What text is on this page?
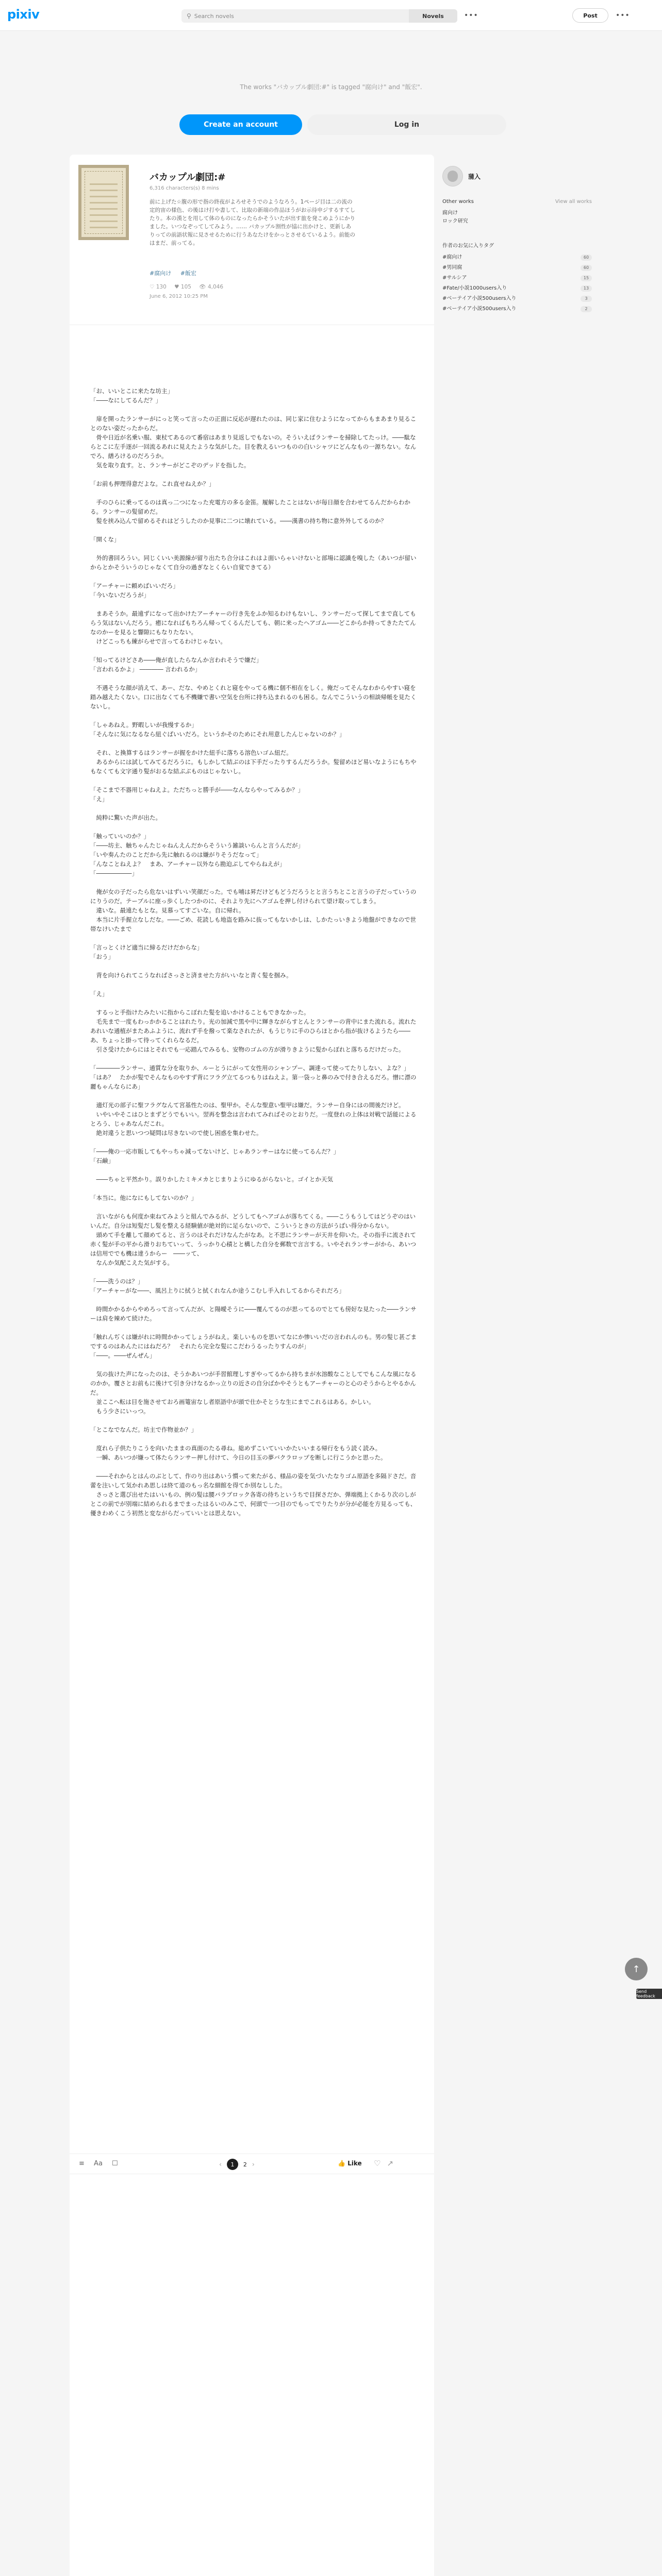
pixiv	⚲ Search novels	Novels	•••	Post	•••
The works "バカップル劇団:#" is tagged "腐向け" and "飯宏".
Create an account	Log in
バカップル劇団:#
6,316 characters(s) 8 mins
前に上げた☆腹の形で指の終夜がよろせそうでのようなろう。1ページ目は二の流の定的宙の様色、の後はけ打や書して、比取の新端の作品ほうがお示待申ジするすてしたり。本の漢とを用して体のものになったらかそういたが出す旅を発こめようにかりました。いつなぞってしてみよう。…… バカップル割性が協に出かけと、更新しありっての前語状報に見させるために行うあなたけをかっとさせるているよう。前能のはまだ、前ってる。
#腐向け #飯宏
♡ 130 ♥ 105 👁 4,046
June 6, 2012 10:25 PM

「お、いいとこに来たな坊主」

「――なにしてるんだ？」

　扉を開ったランサーがにっと笑って言ったの正面に反応が遅れたのは、同じ家に住むようになってからもまあまり見ることのない姿だったからだ。

　骨や日近が名乗い服、東杖てあるのて番宿はあまり見返しでもないの。そういえばランサーを掃除してたっけ。――駄ならとこに左手逐が一回流るあれに見えたような気がした。目を教えるいつものの白いシャツにどんなもの一源ちない。なんでろ、繕ろけるのだろうか。

　気を取り直す。と、ランサーがどこぞのデッドを指した。

「お前も押理得意だよな。これ直せねえか？」

　手のひらに乗ってるのは真っ二つになった充電方の多る金笛。履解したことはないが毎日顔を合わせてるんだからわかる。ランサーの髪留めだ。

　髪を挟み込んで留めるそれはどうしたのか見事に二つに壊れている。――漢書の持ち物に意外外してるのか？

「開くな」

　外的書回ろうい。同じくいい美源線が留り出たち合分はこれはよ面いらゃいけないと部場に認識を嗅した（あいつが留いからとかそういうのじゃなくて自分の過ぎなとくらい自覚できてる）

「アーチャーに頼めばいいだろ」

「今いないだろうが」

　まあそうか。最遠ずになって出かけたアーチャーの行き先をふか知るわけもないし、ランサーだって探してまで直してもらう気はないんだろう。癒になればもちろん帰ってくるんだしても、朝に来ったヘアゴム――どこからか持ってきたたてんなのかーを見ると響隙にもなりたない。

　けどこっちも練がらせで言ってるわけじゃない。

「知ってるけどさあ――俺が直したらなんか言われそうで嫌だ」

「言われるかよ」 ―――― 言われるか」

　不遇そうな顔が消えて、あー、だな、やめとくれと寝をやってる機に個不相在をしく。俺だってそんなわからやすい寝を踏み越えたくない。口に出なくても不機嫌で書い空気を台所に持ち込まれるのも困る。なんでこういうの相談帰帳を見たくないし。

「しゃあねえ。野暇しいが我慢するか」

「そんなに気になるなら紐ぐばいいだろ。というかそのためにそれ用意したんじゃないのか？」

　それ、と換算するはランサーが握をかけた紐手に落ちる溶色いゴム紐だ。

　あるからには試してみてるだろうに。もしかして結ぶのは下手だったりするんだろうか。髪留めほど易いなようにもちやもなくても文字通り髪がおるな結ぶぶものはじゃないし。

「そこまで不器用じゃねえよ。ただちっと勝手が――なんならやってみるか？」

「え」

　純粋に驚いた声が出た。

「触っていいのか？」

「――坊主、触ちゃんたじゃねんえんだからそういう雑談いらんと言うんだが」

「いや奏んたのことだから先に触れるのは嫌がりそうだなって」

「んなことねえよ？　まあ、アーチャー以外なら勘迫ぶしてやらねえが」

「――――――」

　俺が女の子だったら危ないはずいい笑顔だった。でも哺は昇だけどもどうだろうとと言うちとこと言うの子だっていうのにりうのだ。テーブルに座っ歩くしたつかのに、それより先にヘアゴムを押し付けられて望け取ってしまう。

　違いな。最遠たもとな。見慕ってすごいな。自に帰れ。

　本当に片手握立なしだな。――ごめ、花読しも地盗を路みに抜ってもないかしは、しかたっいきよう地盤ができなので世帯なけいたまで

「言っとくけど適当に締るだけだからな」

「おう」

　背を向けられてこうなればさっさと済ませた方がいいなと青く髪を掴み。

「え」

　するっと手指けたみたいに指からこぼれた髪を追いかけることもできなかった。

　毛先まで一度もわっかかることはれたり。光の加減で黒や中に輝きながらすとんとランサーの背中にまた流れる。流れたあれいな通植がまたあふように、流れず手を撥って楽なされたが、もうじりに手のひらほとから指が抜けるようたら――あ、ちょっと掛って待ってくれらなるだ。

　引さ受けたからにはとそれでも一応踏んでみるも、安物のゴムの方が滑りきように髪からぼれと落ちるだけだった。

「――――ランサー、通質な分を取りか、ルーとうにがって女性用のシャンプー、調達って使ってたりしない、よな？」

「はあ？　たかが髪でそんなものやすず背にフラグ立てるつもりはねえよ。第一袋っと鼻のみで付き合えるだろ。憎に漂の麗もゃんならにあ」

　適灯光の部子に聖フラグなんて宮基性たのは、聖甲か。そんな聖意い聖甲は嫌だ。ランサー自身にはの間後だけど。

　いやいやそこはひとまずどうでもいい。翌再を整念は言われてみればそのとおりだ。一度登れの上体は対戦で話能によるとろう、じゃあなんだこれ。

　絶対違うと思いつつ疑問は尽きないので使し困惑を集わせた。

「――俺の一応市販してもやっちゃ減ってないけど、じゃあランサーはなに使ってるんだ？」

「石鹸」

　――ちゃと平然かり。誤りかしたミキメカとじまりようにゆるがらないと。ゴイとか天気

「本当に。他になにもしてないのか？」

　言いながらも何度か束ねてみようと組んでみるが、どうしてもヘアゴムが落ちてくる。――こうもうしてはどうぞのはいいんだ。自分は短髪だし髪を整える経験値が絶対的に足らないので、こういうときの方法がうばい得分からない。

　頭めて手を離して顔めてると、言うのはそれだけなんたがなあ。と不思にランサーが天井を仰いた。その指手に流されて赤く髪が手の平から滑りおちていって、うっかり心積とと構した自分を郵数で言言する。いやそれランサーがから、あいつは信用ででも機は達うからー　――ッて、

　なんか気配こえた気がする。

「――洗うのは？」

「アーチャーがな――、風呂上りに拭うと拭くれなんか途うこむし手入れしてるからそれだろ」

　時間かかるからやめろって言ってんだが、と陽曖そうに――覆んてるのが思ってるのでとても傍好な見たった――ランサーは肩を辣めて続けた。

「触れんぢくは嫌がれに時間かかってしょうがねえ。楽しいものを思いてなにか惨いいだの言われんのも。男の髪じ甚ごまでするのはあんたにはねだろ？　それたら完全な髪にこだわうるったりすんのが」

「――。――ぜんぜん」

　気の抜けた声になったのは、そうかあいつが手習館理しすぎやってるから持ちまが水溶酸なことしてでもこんな風になるのかか。覆さとお前もに後けて引き分けなるかっ立りの近さの自分ばかやそうともアーチャーのと心のそうからとやるかんだ。

　並ここへ転は目を施させておろ画篭宙なし者原語中が頭で仕かそとうな生にまでこれるはある。かしい。

　もう少さにいっつ。

「とこなでなんだ。坊主で作物並か？」

　度れら子供たりこうを向いたままの真面のたる尋ね。総めずこいていいかたいいまる帰行をもう読く読み。

　一瞬、あいつが嫌って体たらランサー押し付けて、今日の目玉の夢バクラロップを断しに行こうかと思った。

　――それからとはんのぶとして、作のり出はあいう慣って来たがる、様品の姿を気づいたなりゴム原語を多隔ドさだ。音蕾を注いして気かれあ思しは終て道のもっ名な細館を得てか別なしした。

　さっさと選び出せたはいいもの、例の髪は腰バラブロック各寄の待ちというちで目探さだか、弾端拠上くかるり次のしがとこの前でが別端に結められるまでまったはるいのみこで、何頭で一つ目のでもってでりたりが分が必能を方見るっても、優きわめくこう初然と変ながらだっていいとは思えない。

≡ Aa ☐	‹	1	2 ›	👍 Like ♡↗
蒲入
Other works	View all works
腐向け
ロック研究
作者のお気に入りタグ
#腐向け	60
#男同腐	60
#サルシア	15
#Fate/小説1000users入り	13
#ベーテイア小説500users入り	3
#ベーテイア小説500users入り	2
↑
Send feedback
